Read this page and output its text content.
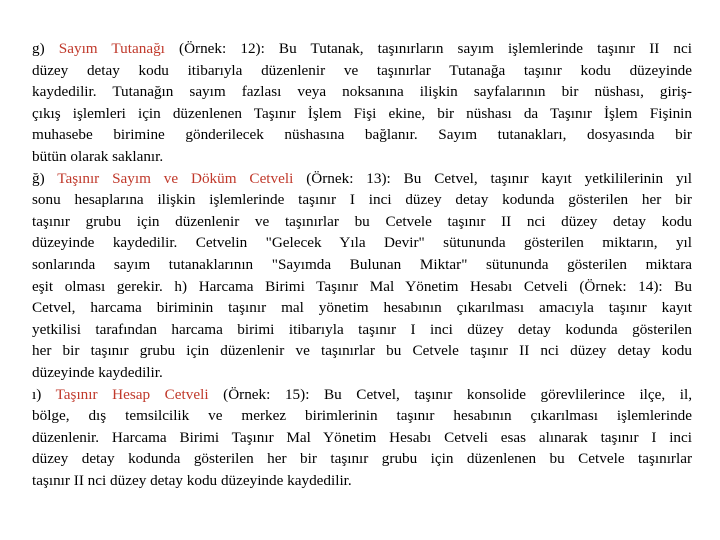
g) Sayım Tutanağı (Örnek: 12): Bu Tutanak, taşınırların sayım işlemlerinde taşınır II nci
düzey detay kodu itibarıyla düzenlenir ve taşınırlar Tutanağa taşınır kodu düzeyinde
kaydedilir. Tutanağın sayım fazlası veya noksanına ilişkin sayfalarının bir nüshası, giriş-
çıkış işlemleri için düzenlenen Taşınır İşlem Fişi ekine, bir nüshası da Taşınır İşlem Fişinin
muhasebe birimine gönderilecek nüshasına bağlanır. Sayım tutanakları, dosyasında bir
bütün olarak saklanır.
ğ) Taşınır Sayım ve Döküm Cetveli (Örnek: 13): Bu Cetvel, taşınır kayıt yetkililerinin yıl
sonu hesaplarına ilişkin işlemlerinde taşınır I inci düzey detay kodunda gösterilen her bir
taşınır grubu için düzenlenir ve taşınırlar bu Cetvele taşınır II nci düzey detay kodu
düzeyinde kaydedilir. Cetvelin "Gelecek Yıla Devir" sütununda gösterilen miktarın, yıl
sonlarında sayım tutanaklarının "Sayımda Bulunan Miktar" sütununda gösterilen miktara
eşit olması gerekir. h) Harcama Birimi Taşınır Mal Yönetim Hesabı Cetveli (Örnek: 14): Bu
Cetvel, harcama biriminin taşınır mal yönetim hesabının çıkarılması amacıyla taşınır kayıt
yetkilisi tarafından harcama birimi itibarıyla taşınır I inci düzey detay kodunda gösterilen
her bir taşınır grubu için düzenlenir ve taşınırlar bu Cetvele taşınır II nci düzey detay kodu
düzeyinde kaydedilir.
ı) Taşınır Hesap Cetveli (Örnek: 15): Bu Cetvel, taşınır konsolide görevlilerince ilçe, il,
bölge, dış temsilcilik ve merkez birimlerinin taşınır hesabının çıkarılması işlemlerinde
düzenlenir. Harcama Birimi Taşınır Mal Yönetim Hesabı Cetveli esas alınarak taşınır I inci
düzey detay kodunda gösterilen her bir taşınır grubu için düzenlenen bu Cetvele taşınırlar
taşınır II nci düzey detay kodu düzeyinde kaydedilir.
